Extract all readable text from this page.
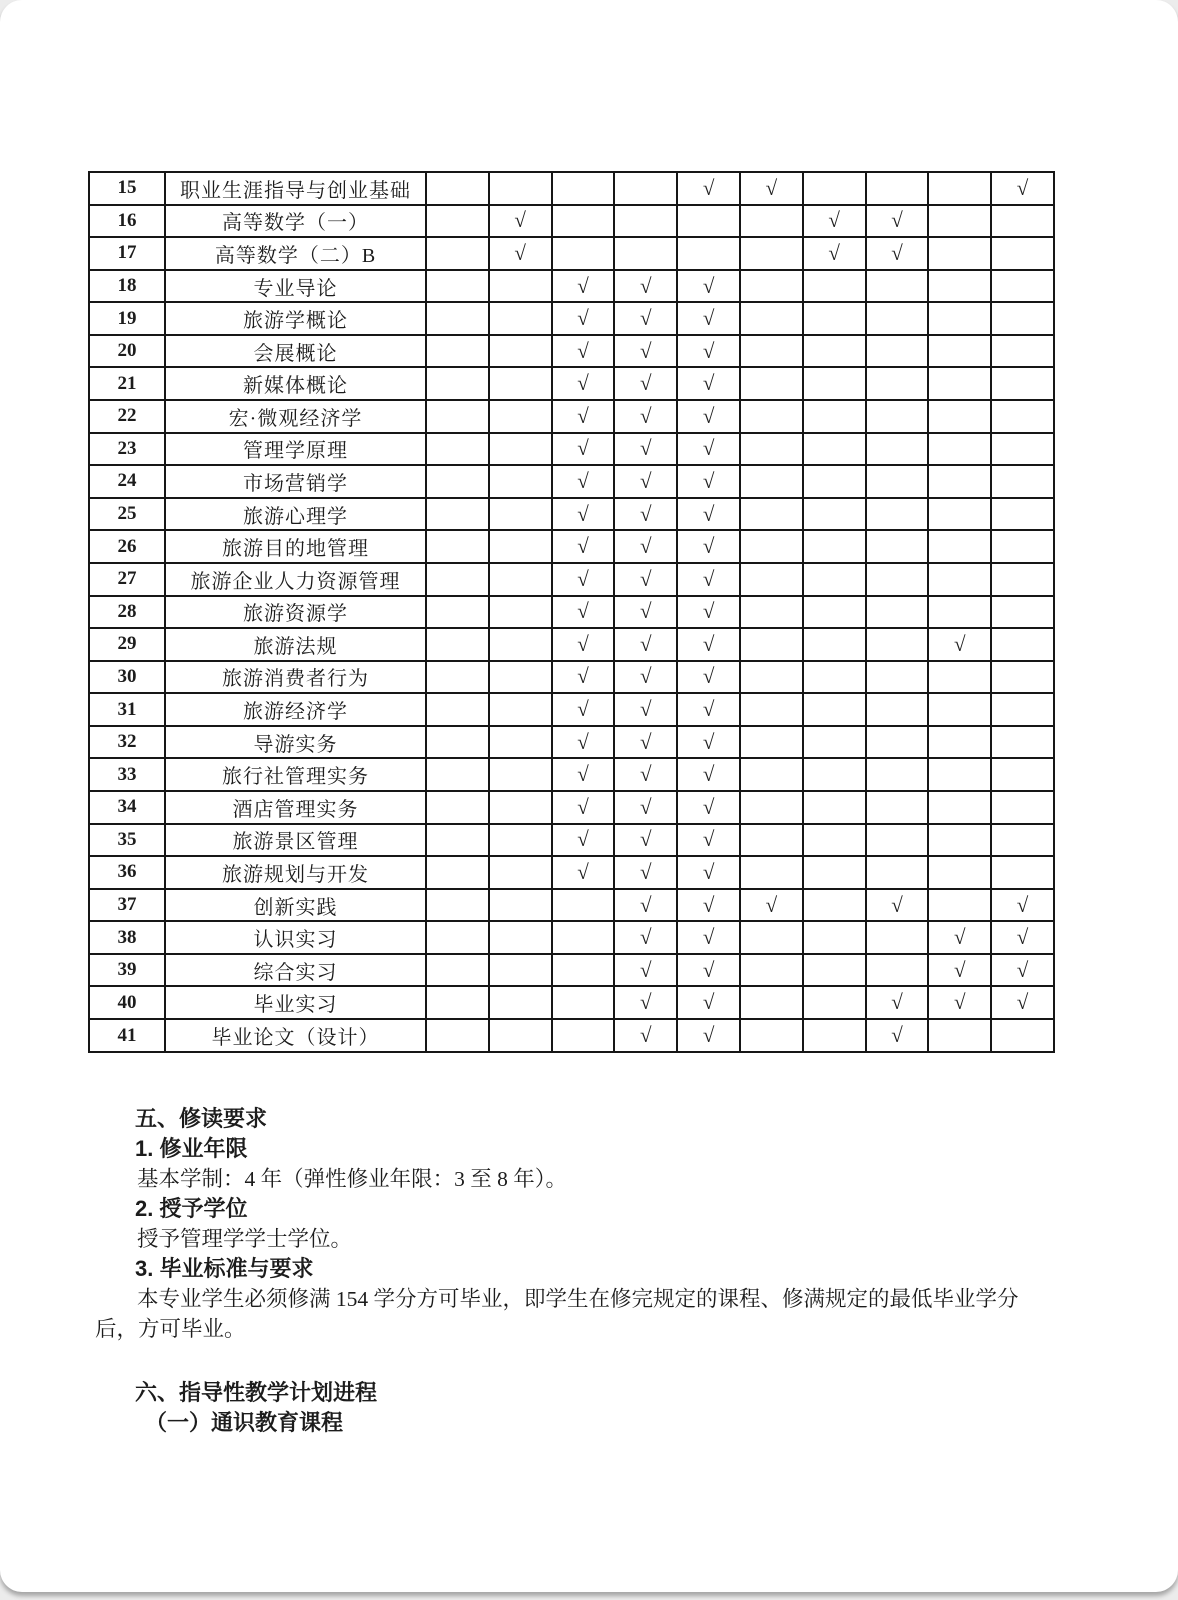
15	职业生涯指导与创业基础					√	√				√
16	高等数学（一）		√					√	√		
17	高等数学（二）B		√					√	√		
18	专业导论			√	√	√					
19	旅游学概论			√	√	√					
20	会展概论			√	√	√					
21	新媒体概论			√	√	√					
22	宏·微观经济学			√	√	√					
23	管理学原理			√	√	√					
24	市场营销学			√	√	√					
25	旅游心理学			√	√	√					
26	旅游目的地管理			√	√	√					
27	旅游企业人力资源管理			√	√	√					
28	旅游资源学			√	√	√					
29	旅游法规			√	√	√				√	
30	旅游消费者行为			√	√	√					
31	旅游经济学			√	√	√					
32	导游实务			√	√	√					
33	旅行社管理实务			√	√	√					
34	酒店管理实务			√	√	√					
35	旅游景区管理			√	√	√					
36	旅游规划与开发			√	√	√					
37	创新实践				√	√	√		√		√
38	认识实习				√	√				√	√
39	综合实习				√	√				√	√
40	毕业实习				√	√			√	√	√
41	毕业论文（设计）				√	√			√		
五、修读要求
1. 修业年限
基本学制：4 年（弹性修业年限：3 至 8 年）。
2. 授予学位
授予管理学学士学位。
3. 毕业标准与要求
本专业学生必须修满 154 学分方可毕业，即学生在修完规定的课程、修满规定的最低毕业学分后，方可毕业。
六、指导性教学计划进程
（一）通识教育课程
